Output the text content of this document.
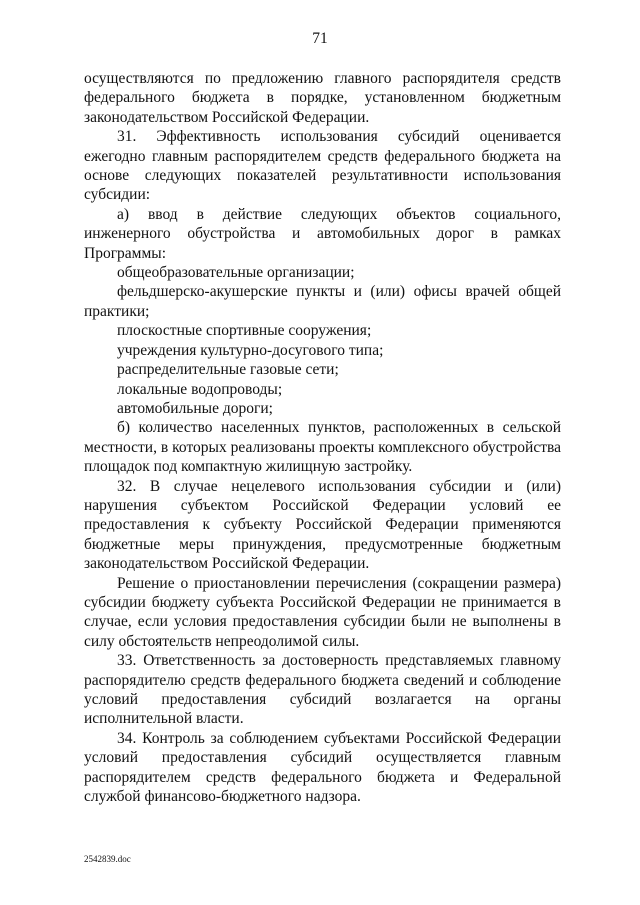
71

осуществляются по предложению главного распорядителя средств федерального бюджета в порядке, установленном бюджетным законодательством Российской Федерации.

31. Эффективность использования субсидий оценивается ежегодно главным распорядителем средств федерального бюджета на основе следующих показателей результативности использования субсидии:

а) ввод в действие следующих объектов социального, инженерного обустройства и автомобильных дорог в рамках Программы:

общеобразовательные организации;

фельдшерско-акушерские пункты и (или) офисы врачей общей практики;

плоскостные спортивные сооружения;

учреждения культурно-досугового типа;

распределительные газовые сети;

локальные водопроводы;

автомобильные дороги;

б) количество населенных пунктов, расположенных в сельской местности, в которых реализованы проекты комплексного обустройства площадок под компактную жилищную застройку.

32. В случае нецелевого использования субсидии и (или) нарушения субъектом Российской Федерации условий ее предоставления к субъекту Российской Федерации применяются бюджетные меры принуждения, предусмотренные бюджетным законодательством Российской Федерации.

Решение о приостановлении перечисления (сокращении размера) субсидии бюджету субъекта Российской Федерации не принимается в случае, если условия предоставления субсидии были не выполнены в силу обстоятельств непреодолимой силы.

33. Ответственность за достоверность представляемых главному распорядителю средств федерального бюджета сведений и соблюдение условий предоставления субсидий возлагается на органы исполнительной власти.

34. Контроль за соблюдением субъектами Российской Федерации условий предоставления субсидий осуществляется главным распорядителем средств федерального бюджета и Федеральной службой финансово-бюджетного надзора.

2542839.doc
